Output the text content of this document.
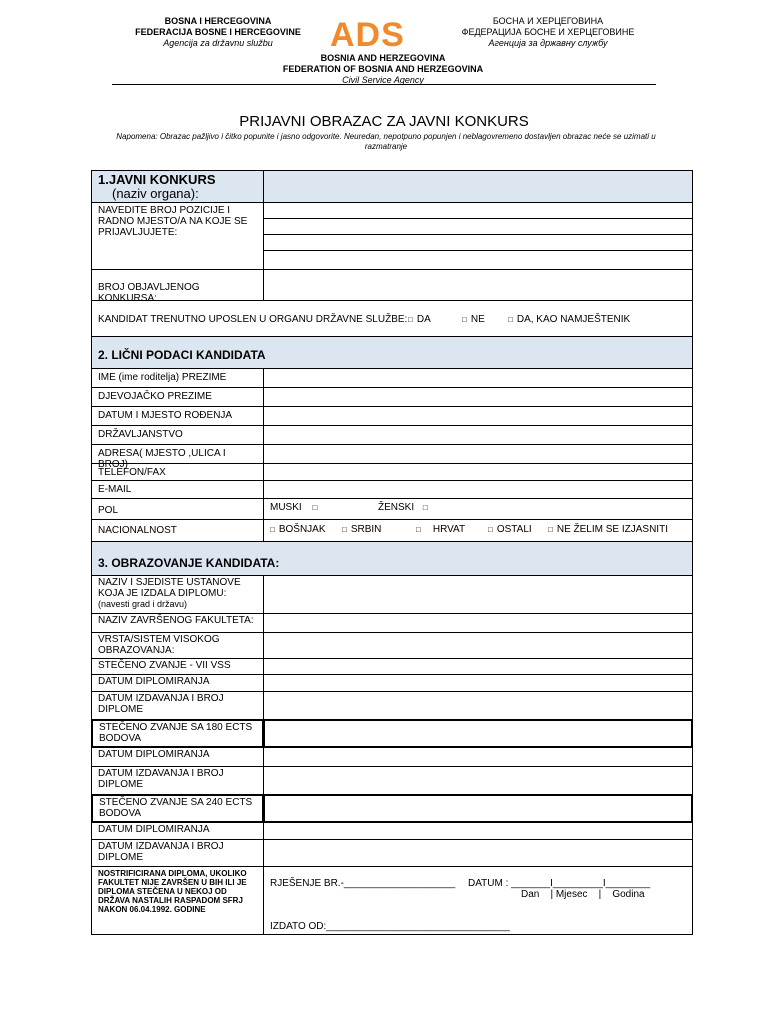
BOSNA I HERCEGOVINA
FEDERACIJA BOSNE I HERCEGOVINE
Agencija za državnu službu	ADS	БОСНА И ХЕРЦЕГОВИНА
ФЕДЕРАЦИЈА БОСНЕ И ХЕРЦЕГОВИНЕ
Агенција за државну службу
BOSNIA AND HERZEGOVINA
FEDERATION OF BOSNIA AND HERZEGOVINA
Civil Service Agency
PRIJAVNI OBRAZAC ZA JAVNI KONKURS
Napomena: Obrazac pažljivo i čitko popunite i jasno odgovorite. Neuredan, nepotpuno popunjen i neblagovremeno dostavljen obrazac neće se uzimati u razmatranje
1.JAVNI KONKURS
(naziv organa):
NAVEDITE BROJ POZICIJE I RADNO MJESTO/A NA KOJE SE PRIJAVLJUJETE:
BROJ OBJAVLJENOG KONKURSA:
KANDIDAT TRENUTNO UPOSLEN U ORGANU DRŽAVNE SLUŽBE: □ DA	□ NE	□ DA, KAO NAMJEŠTENIK
2. LIČNI PODACI KANDIDATA
IME (ime roditelja) PREZIME
DJEVOJAČKO PREZIME
DATUM I MJESTO ROĐENJA
DRŽAVLJANSTVO
ADRESA( MJESTO ,ULICA I BROJ)
TELEFON/FAX
E-MAIL
POL	MUSKI □	ŽENSKI □
NACIONALNOST	□ BOŠNJAK □ SRBIN	□ HRVAT	□ OSTALI □ NE ŽELIM SE IZJASNITI
3. OBRAZOVANJE KANDIDATA:
NAZIV I SJEDISTE USTANOVE KOJA JE IZDALA DIPLOMU:
(navesti grad i državu)
NAZIV ZAVRŠENOG FAKULTETA:
VRSTA/SISTEM VISOKOG OBRAZOVANJA:
STEČENO ZVANJE - VII VSS
DATUM DIPLOMIRANJA
DATUM IZDAVANJA I BROJ DIPLOME
STEČENO ZVANJE SA 180 ECTS BODOVA
DATUM DIPLOMIRANJA
DATUM IZDAVANJA I BROJ DIPLOME
STEČENO ZVANJE SA 240 ECTS BODOVA
DATUM DIPLOMIRANJA
DATUM IZDAVANJA I BROJ DIPLOME
NOSTRIFICIRANA DIPLOMA, UKOLIKO FAKULTET NIJE ZAVRŠEN U BIH ILI JE DIPLOMA STEČENA U NEKOJ OD DRŽAVA NASTALIH RASPADOM SFRJ NAKON 06.04.1992. GODINE
RJEŠENJE BR.-____________________ DATUM : _______I_________I________
Dan    | Mjesec    |    Godina
IZDATO OD:_________________________________
